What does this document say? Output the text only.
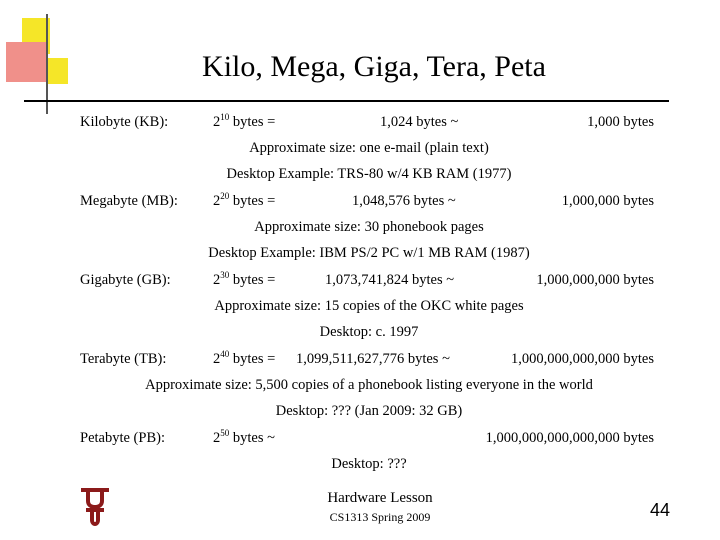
Kilo, Mega, Giga, Tera, Peta
Kilobyte (KB):	$2^{10}$ bytes =	1,024 bytes ~	1,000 bytes
Approximate size: one e-mail (plain text)
Desktop Example: TRS-80 w/4 KB RAM (1977)
Megabyte (MB): $2^{20}$ bytes =	1,048,576 bytes ~	1,000,000 bytes
Approximate size: 30 phonebook pages
Desktop Example: IBM PS/2 PC w/1 MB RAM (1987)
Gigabyte (GB):	$2^{30}$ bytes =	1,073,741,824 bytes ~	1,000,000,000 bytes
Approximate size: 15 copies of the OKC white pages
Desktop: c. 1997
Terabyte (TB):	$2^{40}$ bytes = 1,099,511,627,776 bytes ~	1,000,000,000,000 bytes
Approximate size: 5,500 copies of a phonebook listing everyone in the world
Desktop: ??? (Jan 2009: 32 GB)
Petabyte (PB):	$2^{50}$ bytes ~	1,000,000,000,000,000 bytes
Desktop: ???
Hardware Lesson
CS1313 Spring 2009	44
